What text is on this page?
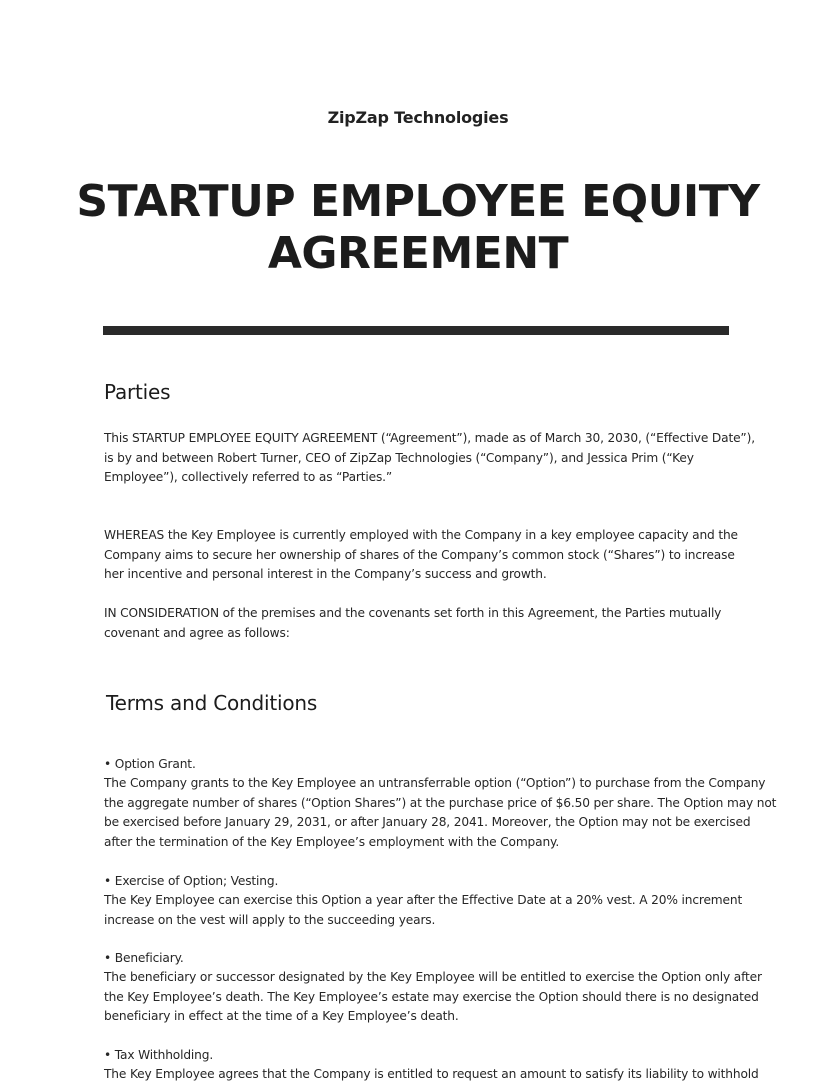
ZipZap Technologies
STARTUP EMPLOYEE EQUITY AGREEMENT
Parties

This STARTUP EMPLOYEE EQUITY AGREEMENT (“Agreement”), made as of March 30, 2030, (“Effective Date”),
is by and between Robert Turner, CEO of ZipZap Technologies (“Company”), and Jessica Prim (“Key
Employee”), collectively referred to as “Parties.”

WHEREAS the Key Employee is currently employed with the Company in a key employee capacity and the
Company aims to secure her ownership of shares of the Company’s common stock (“Shares”) to increase
her incentive and personal interest in the Company’s success and growth.

IN CONSIDERATION of the premises and the covenants set forth in this Agreement, the Parties mutually
covenant and agree as follows:

Terms and Conditions

• Option Grant.

The Company grants to the Key Employee an untransferrable option (“Option”) to purchase from the Company
the aggregate number of shares (“Option Shares”) at the purchase price of $6.50 per share. The Option may not
be exercised before January 29, 2031, or after January 28, 2041. Moreover, the Option may not be exercised
after the termination of the Key Employee’s employment with the Company.

• Exercise of Option; Vesting.

The Key Employee can exercise this Option a year after the Effective Date at a 20% vest. A 20% increment
increase on the vest will apply to the succeeding years.

• Beneficiary.

The beneficiary or successor designated by the Key Employee will be entitled to exercise the Option only after
the Key Employee’s death. The Key Employee’s estate may exercise the Option should there is no designated
beneficiary in effect at the time of a Key Employee’s death.

• Tax Withholding.

The Key Employee agrees that the Company is entitled to request an amount to satisfy its liability to withhold
